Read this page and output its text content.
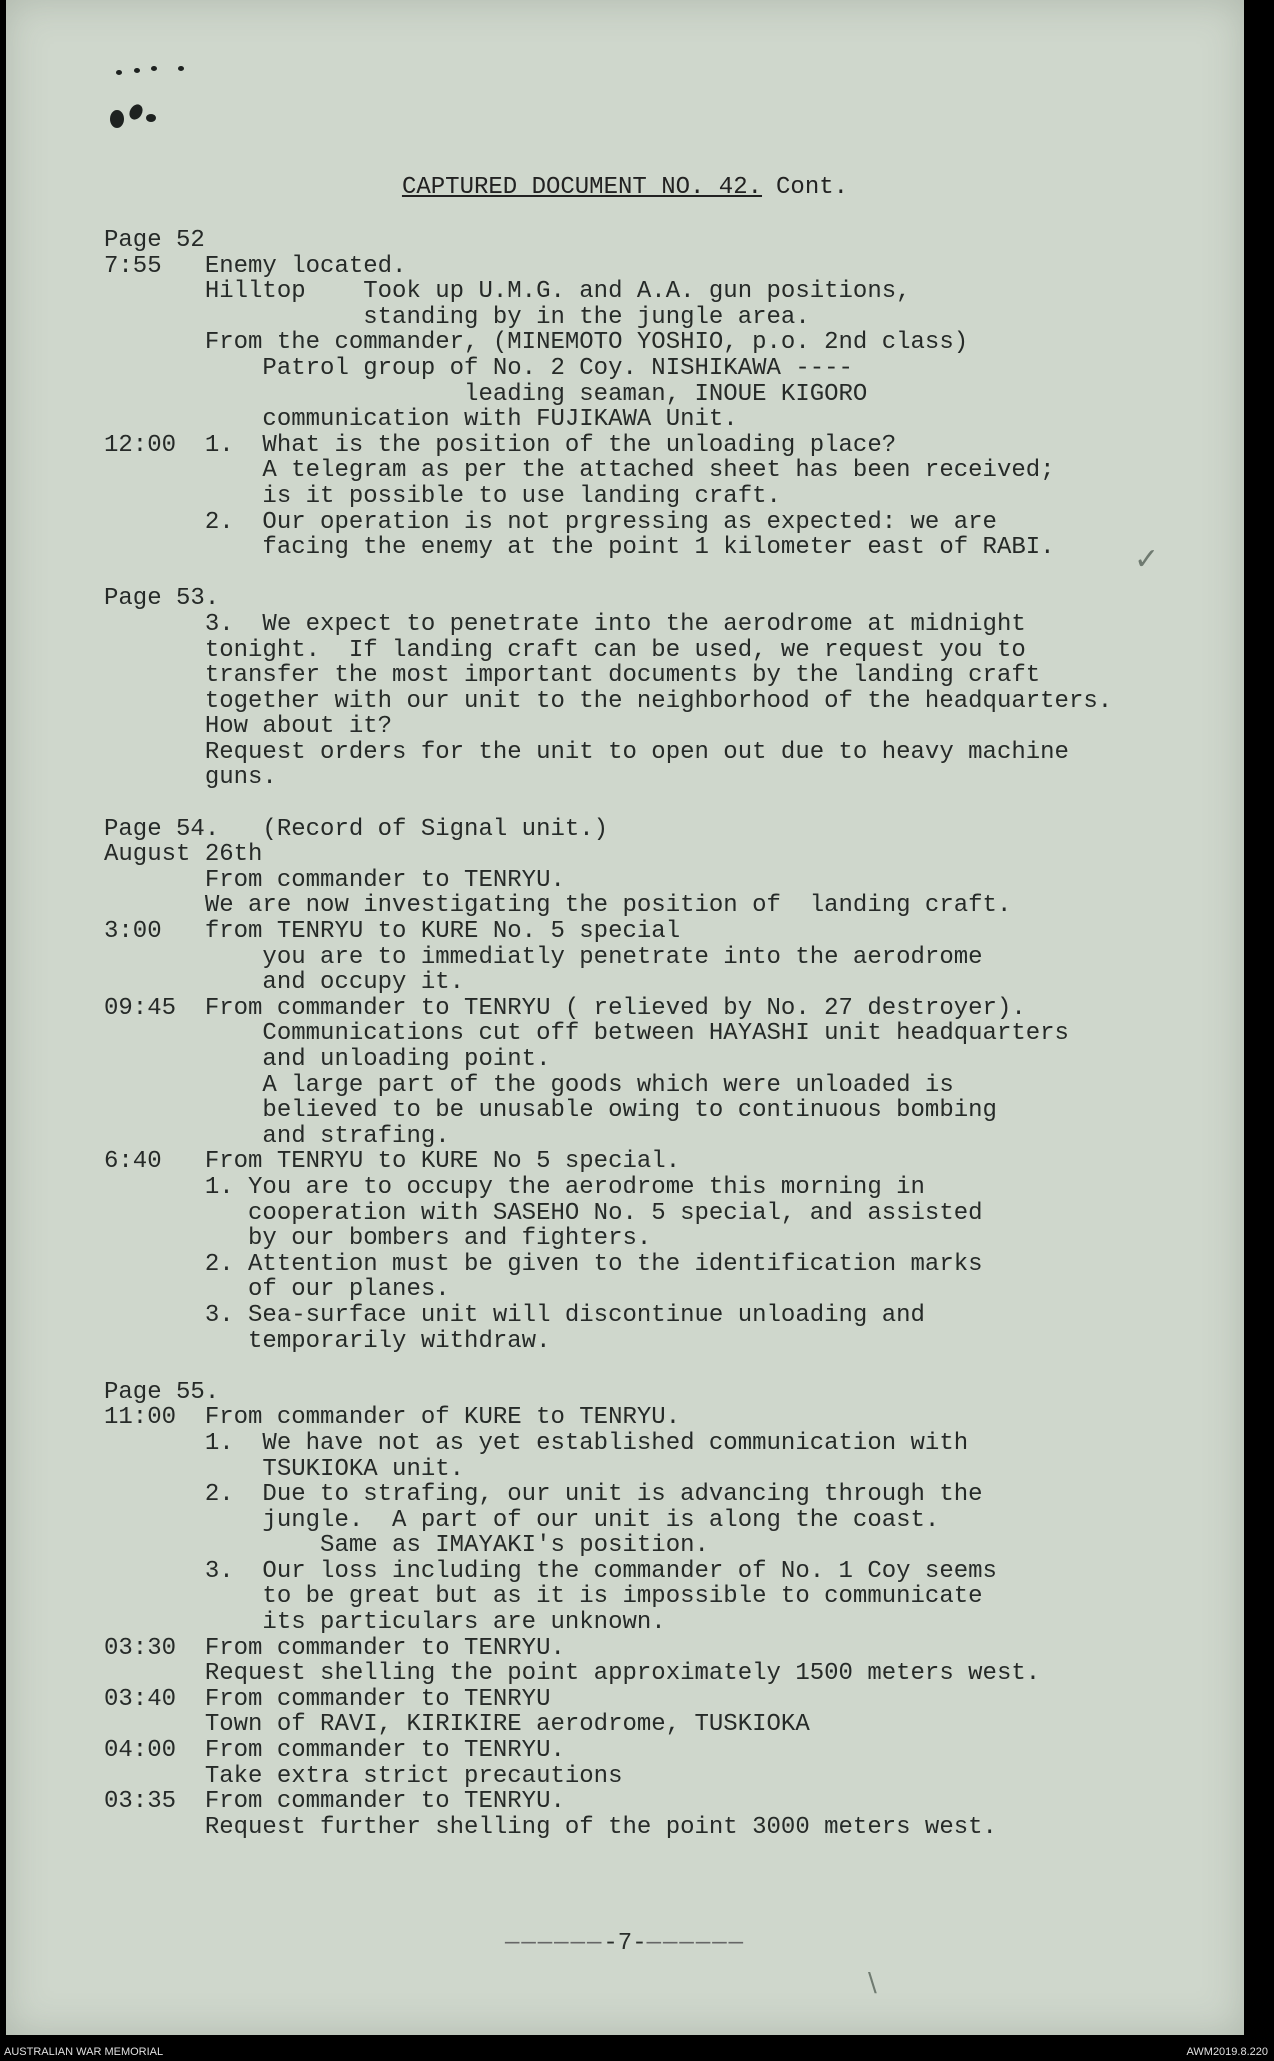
✓
\
CAPTURED DOCUMENT NO. 42. Cont.
Page 52
7:55   Enemy located.
Hilltop    Took up U.M.G. and A.A. gun positions,
standing by in the jungle area.
From the commander, (MINEMOTO YOSHIO, p.o. 2nd class)
Patrol group of No. 2 Coy. NISHIKAWA ----
leading seaman, INOUE KIGORO
communication with FUJIKAWA Unit.
12:00  1.  What is the position of the unloading place?
A telegram as per the attached sheet has been received;
is it possible to use landing craft.
2.  Our operation is not prgressing as expected: we are
facing the enemy at the point 1 kilometer east of RABI.
Page 53.
3.  We expect to penetrate into the aerodrome at midnight
tonight.  If landing craft can be used, we request you to
transfer the most important documents by the landing craft
together with our unit to the neighborhood of the headquarters.
How about it?
Request orders for the unit to open out due to heavy machine
guns.
Page 54.   (Record of Signal unit.)
August 26th
From commander to TENRYU.
We are now investigating the position of  landing craft.
3:00   from TENRYU to KURE No. 5 special
you are to immediatly penetrate into the aerodrome
and occupy it.
09:45  From commander to TENRYU ( relieved by No. 27 destroyer).
Communications cut off between HAYASHI unit headquarters
and unloading point.
A large part of the goods which were unloaded is
believed to be unusable owing to continuous bombing
and strafing.
6:40   From TENRYU to KURE No 5 special.
1. You are to occupy the aerodrome this morning in
cooperation with SASEHO No. 5 special, and assisted
by our bombers and fighters.
2. Attention must be given to the identification marks
of our planes.
3. Sea-surface unit will discontinue unloading and
temporarily withdraw.
Page 55.
11:00  From commander of KURE to TENRYU.
1.  We have not as yet established communication with
TSUKIOKA unit.
2.  Due to strafing, our unit is advancing through the
jungle.  A part of our unit is along the coast.
Same as IMAYAKI's position.
3.  Our loss including the commander of No. 1 Coy seems
to be great but as it is impossible to communicate
its particulars are unknown.
03:30  From commander to TENRYU.
Request shelling the point approximately 1500 meters west.
03:40  From commander to TENRYU
Town of RAVI, KIRIKIRE aerodrome, TUSKIOKA
04:00  From commander to TENRYU.
Take extra strict precautions
03:35  From commander to TENRYU.
Request further shelling of the point 3000 meters west.
——————-7-——————
AUSTRALIAN WAR MEMORIAL	AWM2019.8.220
